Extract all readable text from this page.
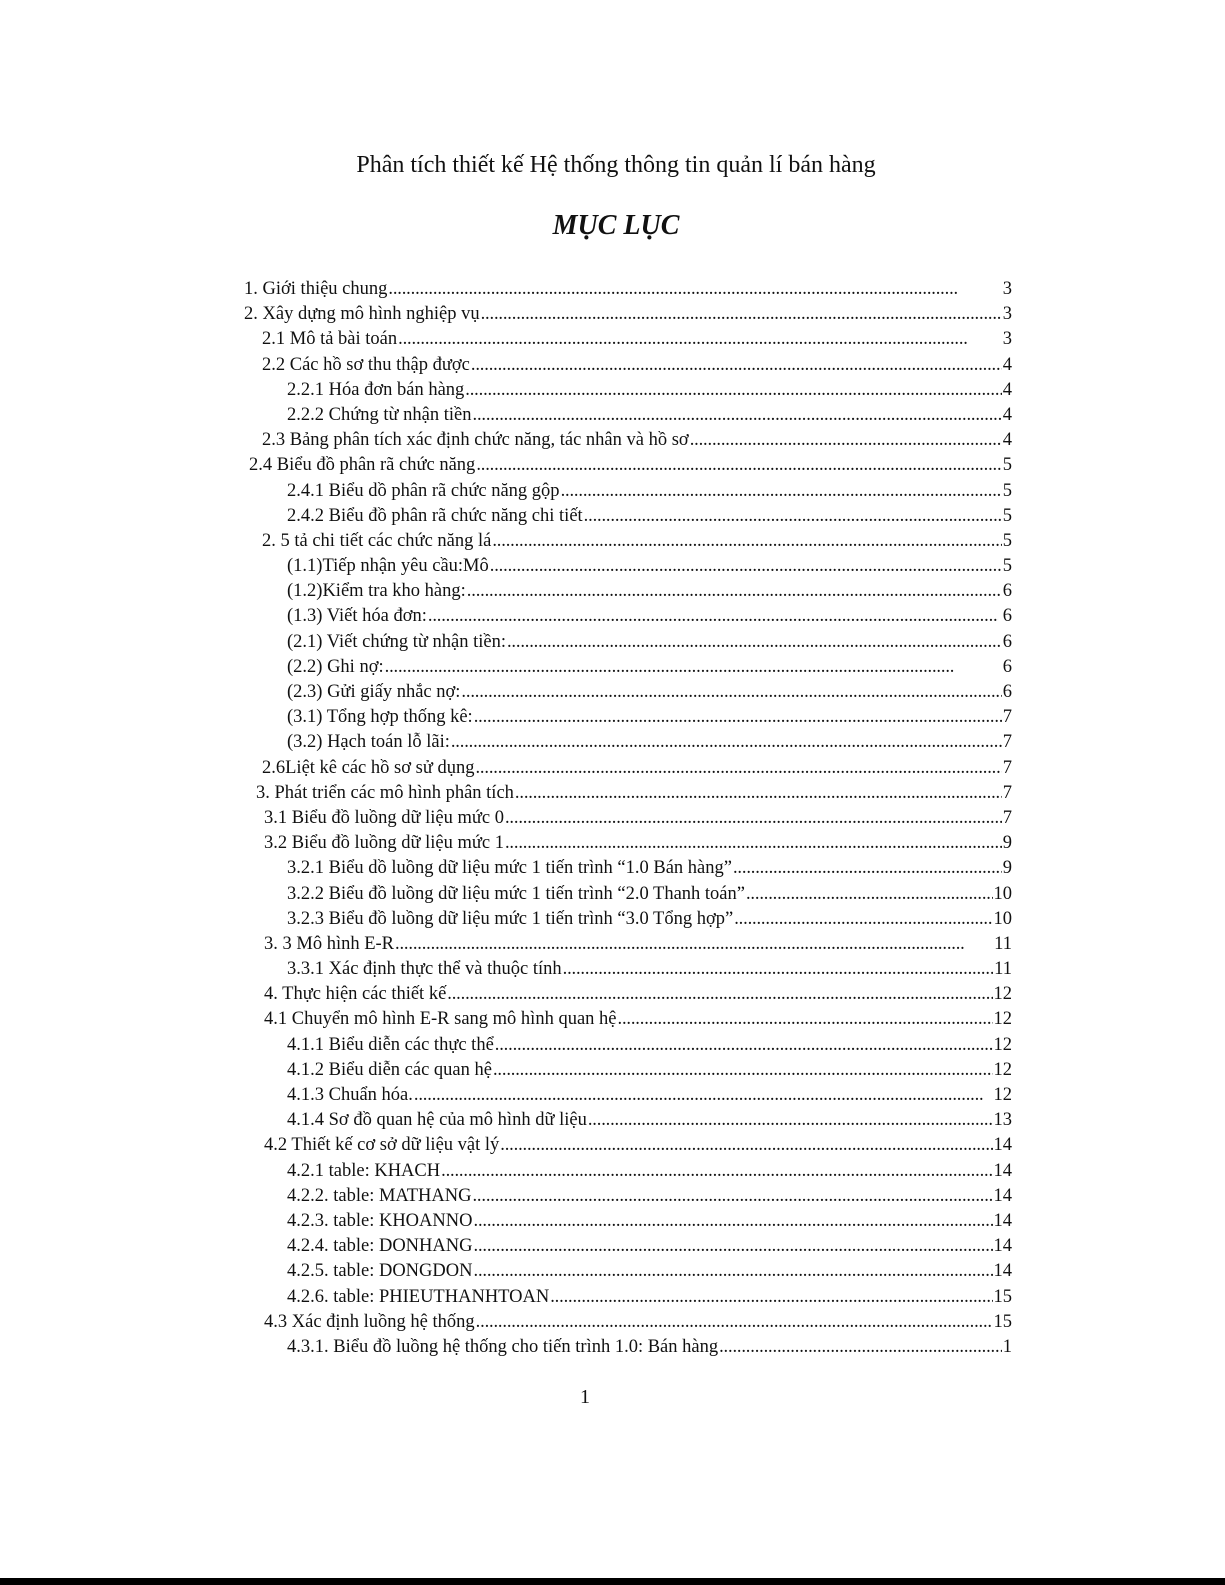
Phân tích thiết kế Hệ thống thông tin quản lí bán hàng
MỤC LỤC
1. Giới thiệu chung . . .	3
2. Xây dựng mô hình nghiệp vụ . . .	3
2.1 Mô tả bài toán . . .	3
2.2 Các hồ sơ thu thập được . . .	4
2.2.1 Hóa đơn bán hàng . . .	4
2.2.2 Chứng từ nhận tiền . . .	4
2.3 Bảng phân tích xác định chức năng, tác nhân và hồ sơ . . .	4
2.4 Biểu đồ phân rã chức năng . . .	5
2.4.1 Biểu dồ phân rã chức năng gộp . . .	5
2.4.2 Biểu đồ phân rã chức năng chi tiết . . .	5
2. 5 tả chi tiết các chức năng lá . . .	5
(1.1)Tiếp nhận yêu cầu:Mô . . .	5
(1.2)Kiểm tra kho hàng: . . .	6
(1.3) Viết hóa đơn: . . .	6
(2.1) Viết chứng từ nhận tiền: . . .	6
(2.2) Ghi nợ: . . .	6
(2.3) Gửi giấy nhắc nợ: . . .	6
(3.1) Tổng hợp thống kê: . . .	7
(3.2) Hạch toán lỗ lãi: . . .	7
2.6Liệt kê các hồ sơ sử dụng . . .	7
3. Phát triển các mô hình phân tích . . .	7
3.1 Biểu đồ luồng dữ liệu mức 0 . . .	7
3.2 Biểu đồ luồng dữ liệu mức 1 . . .	9
3.2.1 Biểu dồ luồng dữ liệu mức 1 tiến trình “1.0 Bán hàng” . . .	9
3.2.2 Biểu đồ luồng dữ liệu mức 1 tiến trình “2.0 Thanh toán” . . .	10
3.2.3 Biểu đồ luồng dữ liệu mức 1 tiến trình “3.0 Tổng hợp” . . .	10
3. 3 Mô hình E-R . . .	11
3.3.1 Xác định thực thể và thuộc tính . . .	11
4. Thực hiện các thiết kế . . .	12
4.1 Chuyển mô hình E-R sang mô hình quan hệ . . .	12
4.1.1 Biểu diễn các thực thể . . .	12
4.1.2 Biểu diễn các quan hệ . . .	12
4.1.3 Chuẩn hóa. . . .	12
4.1.4 Sơ đồ quan hệ của mô hình dữ liệu . . .	13
4.2 Thiết kế cơ sở dữ liệu vật lý . . .	14
4.2.1 table: KHACH . . .	14
4.2.2. table: MATHANG . . .	14
4.2.3. table: KHOANNO . . .	14
4.2.4. table: DONHANG . . .	14
4.2.5. table: DONGDON . . .	14
4.2.6. table: PHIEUTHANHTOAN . . .	15
4.3 Xác định luồng hệ thống . . .	15
4.3.1. Biểu đồ luồng hệ thống cho tiến trình 1.0: Bán hàng . . .	1
1
